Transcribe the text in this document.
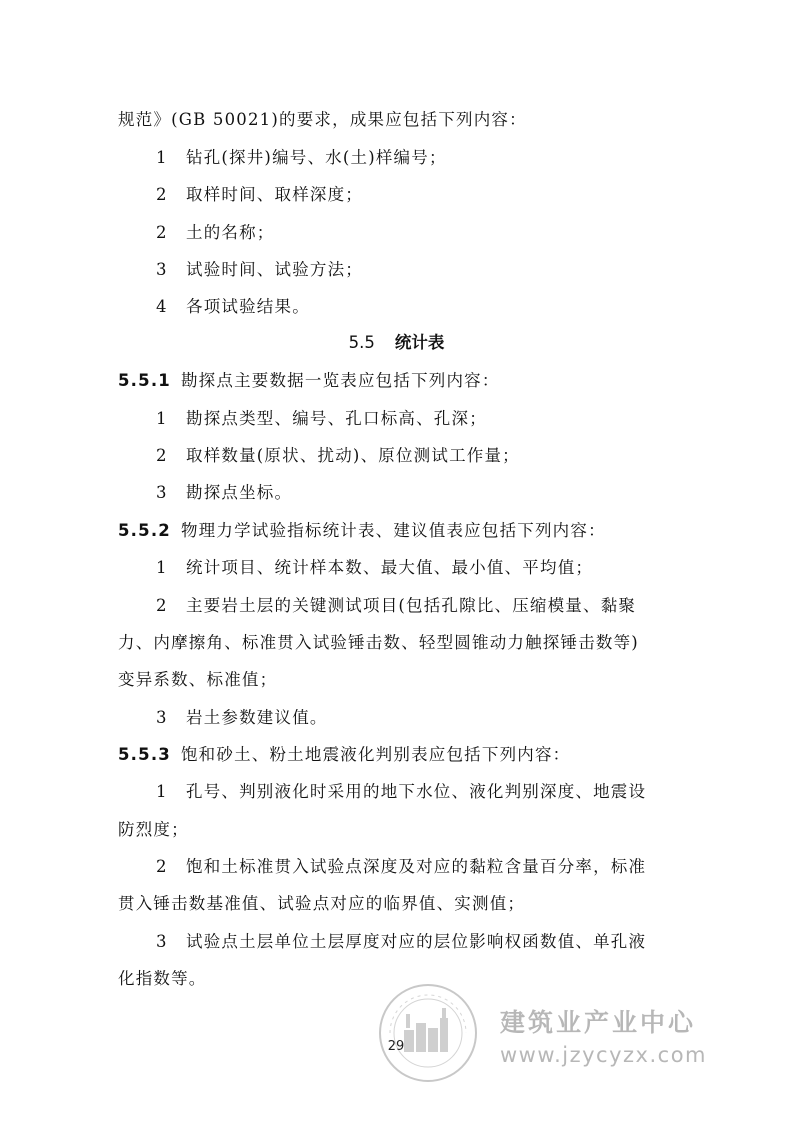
规范》(GB 50021)的要求，成果应包括下列内容：
1 钻孔(探井)编号、水(土)样编号；
2 取样时间、取样深度；
2 土的名称；
3 试验时间、试验方法；
4 各项试验结果。
5.5 统计表
5.5.1 勘探点主要数据一览表应包括下列内容：
1 勘探点类型、编号、孔口标高、孔深；
2 取样数量(原状、扰动)、原位测试工作量；
3 勘探点坐标。
5.5.2 物理力学试验指标统计表、建议值表应包括下列内容：
1 统计项目、统计样本数、最大值、最小值、平均值；
2 主要岩土层的关键测试项目(包括孔隙比、压缩模量、黏聚
力、内摩擦角、标准贯入试验锤击数、轻型圆锥动力触探锤击数等)
变异系数、标准值；
3 岩土参数建议值。
5.5.3 饱和砂土、粉土地震液化判别表应包括下列内容：
1 孔号、判别液化时采用的地下水位、液化判别深度、地震设
防烈度；
2 饱和土标准贯入试验点深度及对应的黏粒含量百分率，标准
贯入锤击数基准值、试验点对应的临界值、实测值；
3 试验点土层单位土层厚度对应的层位影响权函数值、单孔液
化指数等。
29
建筑业产业中心
www.jzycyzx.com
